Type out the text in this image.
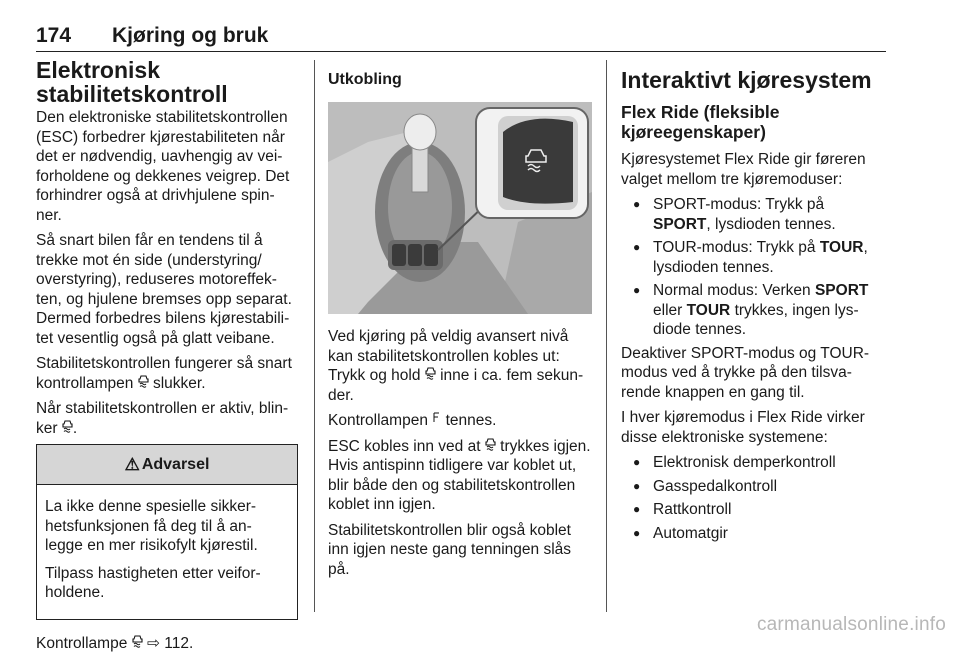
174 Kjøring og bruk
Elektronisk
stabilitetskontroll

Den elektroniske stabilitetskontrollen (ESC) forbedrer kjørestabiliteten når det er nødvendig, uavhengig av vei-forholdene og dekkenes veigrep. Det forhindrer også at drivhjulene spin-ner.

Så snart bilen får en tendens til å trekke mot én side (understyring/ overstyring), reduseres motoreffek-ten, og hjulene bremses opp separat. Dermed forbedres bilens kjørestabili-tet vesentlig også på glatt veibane.

Stabilitetskontrollen fungerer så snart kontrollampen slukker.

Når stabilitetskontrollen er aktiv, blin-ker .

⚠ Advarsel

La ikke denne spesielle sikker-hetsfunksjonen få deg til å an-legge en mer risikofylt kjørestil.

Tilpass hastigheten etter veifor-holdene.

Kontrollampe ⇨ 112.

Utkobling

Ved kjøring på veldig avansert nivå kan stabilitetskontrollen kobles ut: Trykk og hold inne i ca. fem sekun-der.

Kontrollampen tennes.

ESC kobles inn ved at trykkes igjen. Hvis antispinn tidligere var koblet ut, blir både den og stabilitetskontrollen koblet inn igjen.

Stabilitetskontrollen blir også koblet inn igjen neste gang tenningen slås på.

Interaktivt kjøresystem
Flex Ride (fleksible kjøreegenskaper)

Kjøresystemet Flex Ride gir føreren valget mellom tre kjøremoduser:

● SPORT-modus: Trykk på SPORT, lysdioden tennes.
● TOUR-modus: Trykk på TOUR, lysdioden tennes.
● Normal modus: Verken SPORT eller TOUR trykkes, ingen lys-diode tennes.

Deaktiver SPORT-modus og TOUR-modus ved å trykke på den tilsva-rende knappen en gang til.

I hver kjøremodus i Flex Ride virker disse elektroniske systemene:

● Elektronisk demperkontroll
● Gasspedalkontroll
● Rattkontroll
● Automatgir
carmanualsonline.info
